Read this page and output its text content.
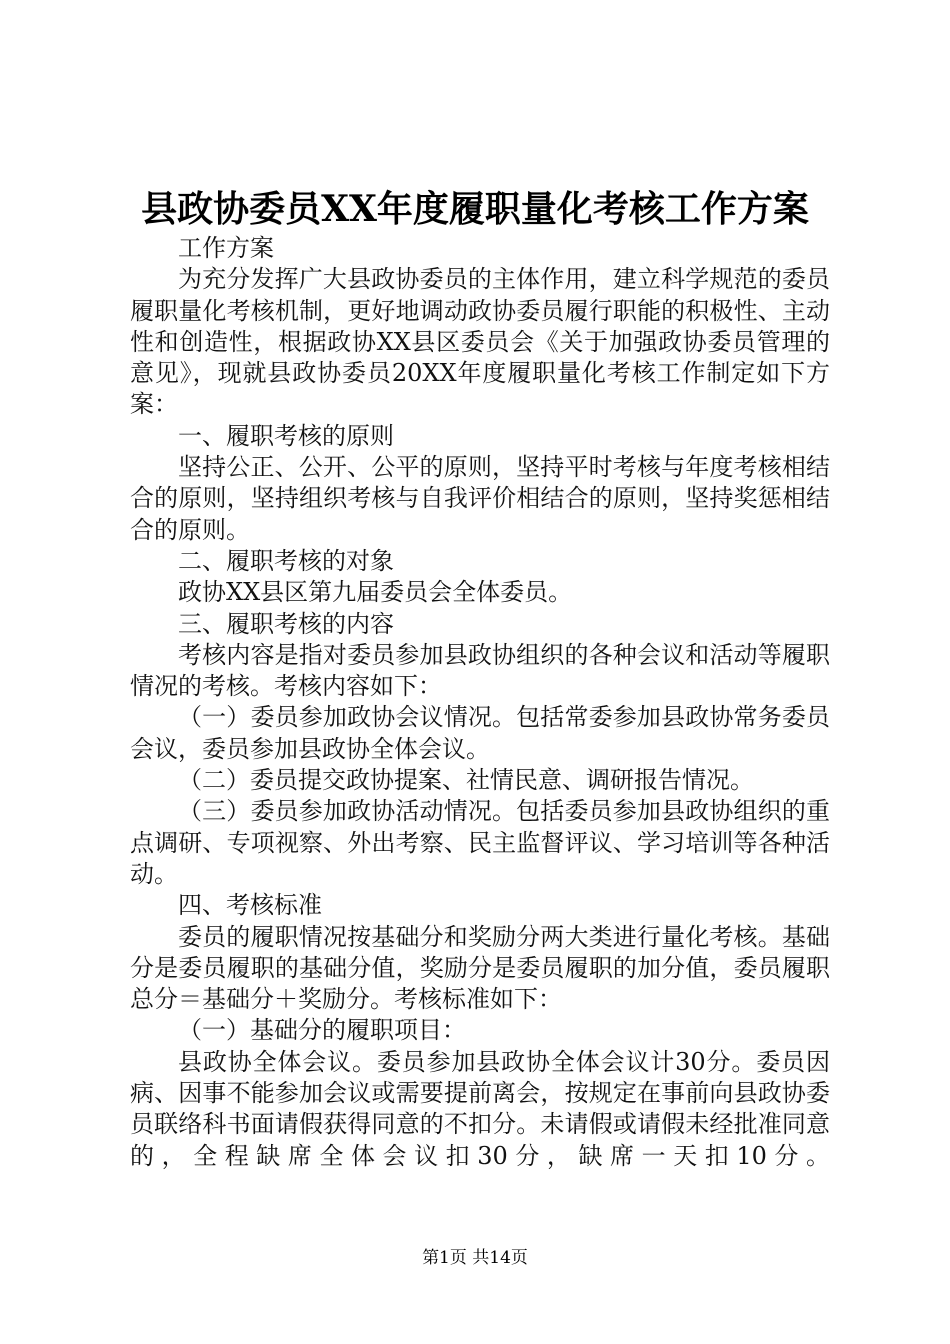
县政协委员XX年度履职量化考核工作方案

工作方案

为充分发挥广大县政协委员的主体作用，建立科学规范的委员履职量化考核机制，更好地调动政协委员履行职能的积极性、主动性和创造性，根据政协XX县区委员会《关于加强政协委员管理的意见》，现就县政协委员20XX年度履职量化考核工作制定如下方案：

一、履职考核的原则

坚持公正、公开、公平的原则，坚持平时考核与年度考核相结合的原则，坚持组织考核与自我评价相结合的原则，坚持奖惩相结合的原则。

二、履职考核的对象

政协XX县区第九届委员会全体委员。

三、履职考核的内容

考核内容是指对委员参加县政协组织的各种会议和活动等履职情况的考核。考核内容如下：

（一）委员参加政协会议情况。包括常委参加县政协常务委员会议，委员参加县政协全体会议。

（二）委员提交政协提案、社情民意、调研报告情况。

（三）委员参加政协活动情况。包括委员参加县政协组织的重点调研、专项视察、外出考察、民主监督评议、学习培训等各种活动。

四、考核标准

委员的履职情况按基础分和奖励分两大类进行量化考核。基础分是委员履职的基础分值，奖励分是委员履职的加分值，委员履职总分＝基础分＋奖励分。考核标准如下：

（一）基础分的履职项目：

县政协全体会议。委员参加县政协全体会议计30分。委员因病、因事不能参加会议或需要提前离会，按规定在事前向县政协委员联络科书面请假获得同意的不扣分。未请假或请假未经批准同意的，全程缺席全体会议扣30分，缺席一天扣10分。

第1页 共14页
